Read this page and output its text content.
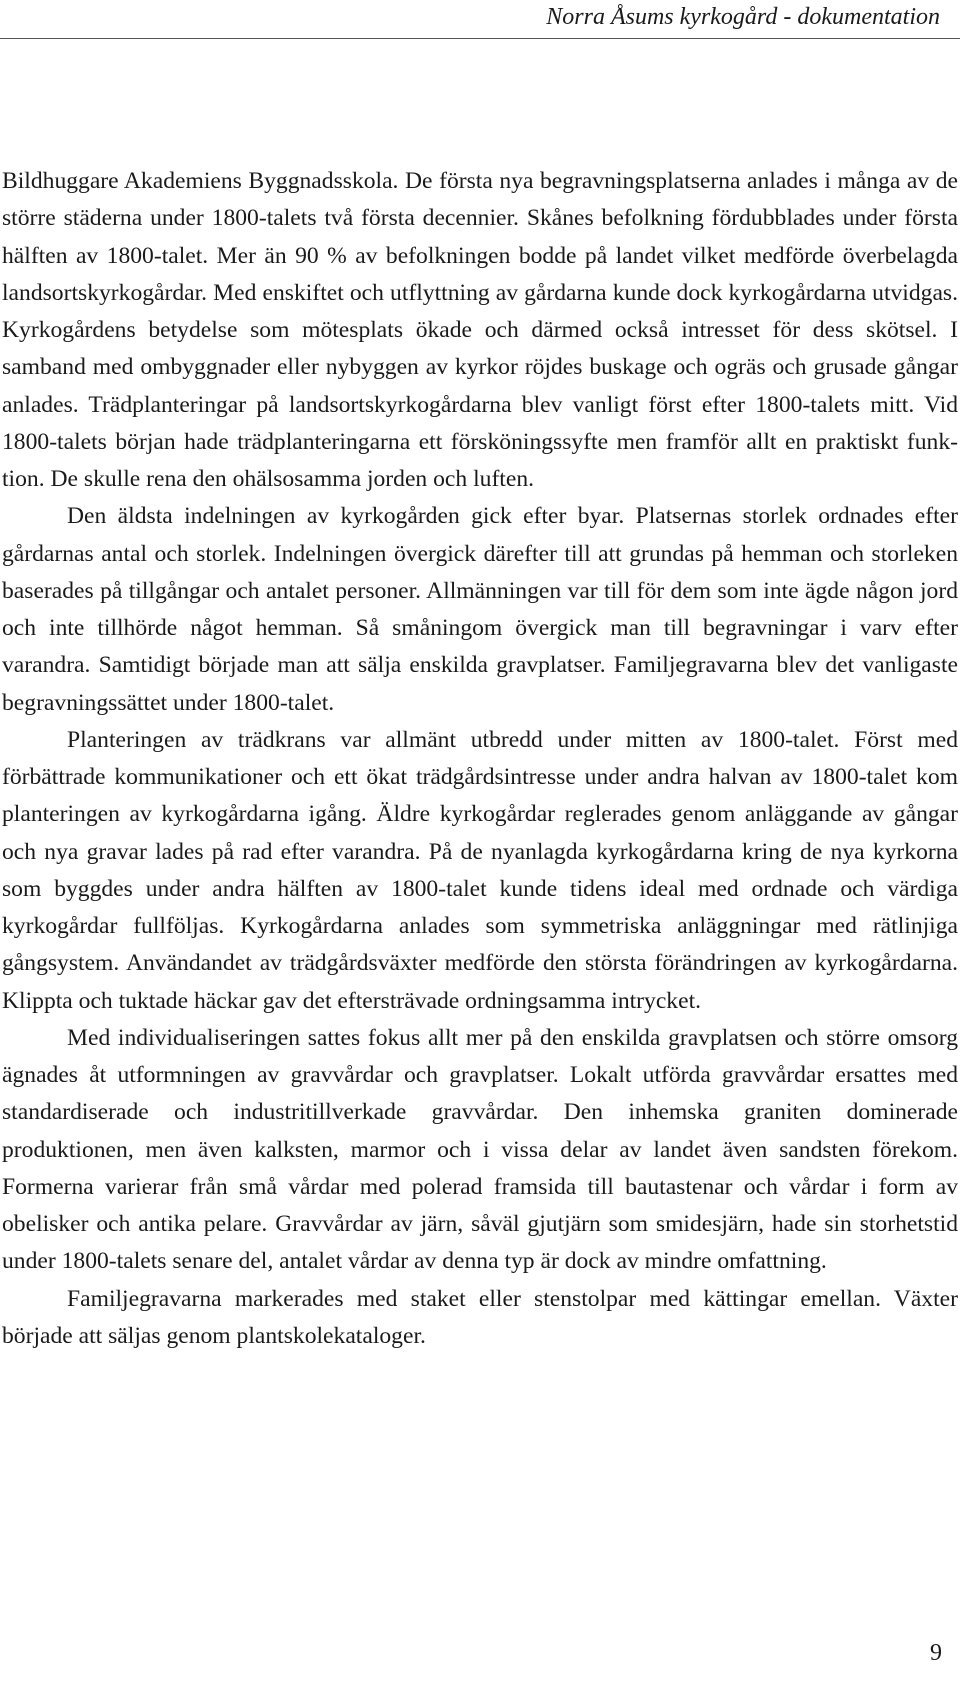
Norra Åsums kyrkogård - dokumentation

Bildhuggare Akademiens Byggnadsskola. De första nya begravningsplatserna anlades i många av de större städerna under 1800-talets två första decennier. Skånes befolkning fördubblades under första hälften av 1800-talet. Mer än 90 % av befolkningen bodde på landet vilket medförde överbelagda landsortskyrkogårdar. Med enskiftet och utflyttning av gårdarna kunde dock kyrkogårdarna utvidgas. Kyrkogårdens betydelse som mötesplats ökade och därmed också intresset för dess skötsel. I samband med ombyggnader eller nybyggen av kyrkor röjdes buskage och ogräs och grusade gångar anlades. Trädplanteringar på landsortskyrkogårdarna blev vanligt först efter 1800-talets mitt. Vid 1800-talets början hade trädplanteringarna ett försköningssyfte men framför allt en praktiskt funktion. De skulle rena den ohälsosamma jorden och luften.

Den äldsta indelningen av kyrkogården gick efter byar. Platsernas storlek ordnades efter gårdarnas antal och storlek. Indelningen övergick därefter till att grundas på hemman och storleken baserades på tillgångar och antalet personer. Allmänningen var till för dem som inte ägde någon jord och inte tillhörde något hemman. Så småningom övergick man till begravningar i varv efter varandra. Samtidigt började man att sälja enskilda gravplatser. Familjegravarna blev det vanligaste begravningssättet under 1800-talet.

Planteringen av trädkrans var allmänt utbredd under mitten av 1800-talet. Först med förbättrade kommunikationer och ett ökat trädgårdsintresse under andra halvan av 1800-talet kom planteringen av kyrkogårdarna igång. Äldre kyrkogårdar reglerades genom anläggande av gångar och nya gravar lades på rad efter varandra. På de nyanlagda kyrkogårdarna kring de nya kyrkorna som byggdes under andra hälften av 1800-talet kunde tidens ideal med ordnade och värdiga kyrkogårdar fullföljas. Kyrkogårdarna anlades som symmetriska anläggningar med rätlinjiga gångsystem. Användandet av trädgårdsväxter medförde den största förändringen av kyrkogårdarna. Klippta och tuktade häckar gav det eftersträvade ordningsamma intrycket.

Med individualiseringen sattes fokus allt mer på den enskilda gravplatsen och större omsorg ägnades åt utformningen av gravvårdar och gravplatser. Lokalt utförda gravvårdar ersattes med standardiserade och industritillverkade gravvårdar. Den inhemska graniten dominerade produktionen, men även kalksten, marmor och i vissa delar av landet även sandsten förekom. Formerna varierar från små vårdar med polerad framsida till bautastenar och vårdar i form av obelisker och antika pelare. Gravvårdar av järn, såväl gjutjärn som smidesjärn, hade sin storhetstid under 1800-talets senare del, antalet vårdar av denna typ är dock av mindre omfattning.

Familjegravarna markerades med staket eller stenstolpar med kättingar emellan. Växter började att säljas genom plantskolekataloger.

9
